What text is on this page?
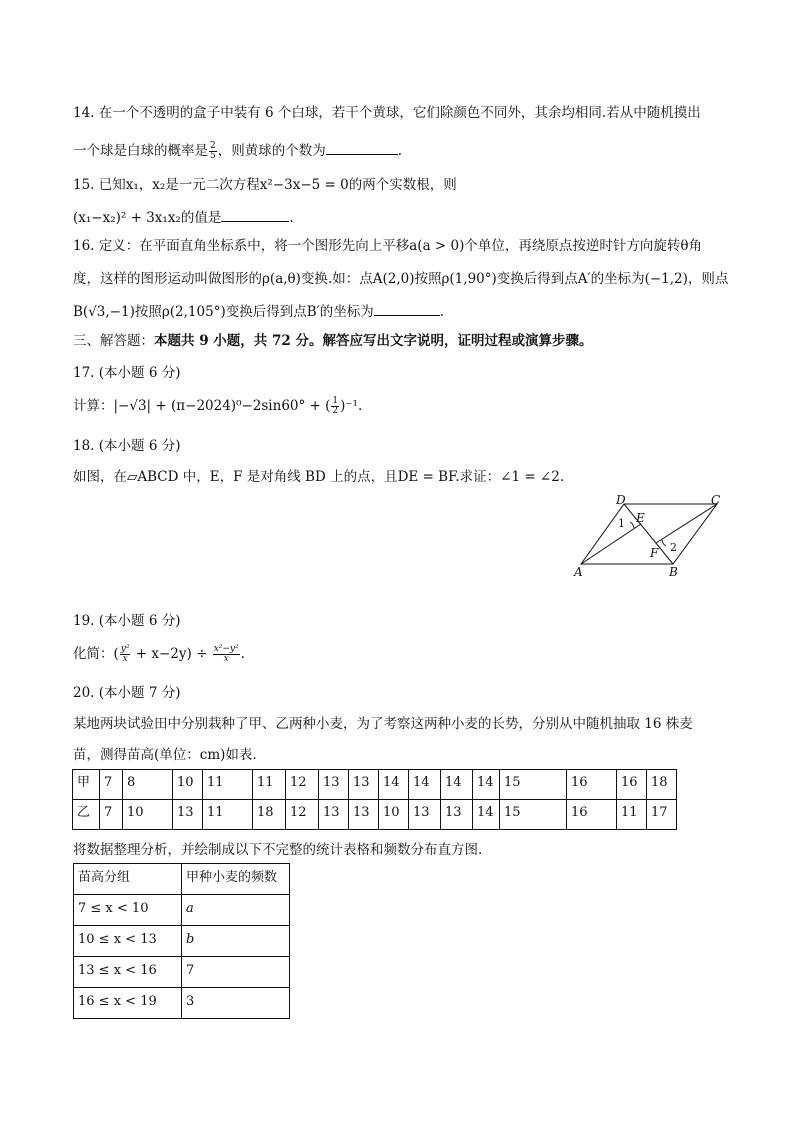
14. 在一个不透明的盒子中装有 6 个白球，若干个黄球，它们除颜色不同外，其余均相同.若从中随机摸出
一个球是白球的概率是 $\frac{2}{5}$ ，则黄球的个数为	.
15. 已知x₁，x₂是一元二次方程x²−3x−5 = 0的两个实数根，则
(x₁−x₂)² + 3x₁x₂的值是	.
16. 定义：在平面直角坐标系中，将一个图形先向上平移a(a > 0)个单位，再绕原点按逆时针方向旋转θ角
度，这样的图形运动叫做图形的ρ(a,θ)变换.如：点A(2,0)按照ρ(1,90°)变换后得到点A′的坐标为(−1,2)，则点
B(√3,−1)按照ρ(2,105°)变换后得到点B′的坐标为	.
三、解答题：本题共 9 小题，共 72 分。解答应写出文字说明，证明过程或演算步骤。
17. (本小题 6 分)
计算：|−√3| + (π−2024)⁰−2sin60° + ( $\frac{1}{2} )^{-1}$.
18. (本小题 6 分)
如图，在▱ABCD 中，E，F 是对角线 BD 上的点，且DE = BF.求证：∠1 = ∠2.
D	C
E
F
A	B
1
2
19. (本小题 6 分)
化简：( $\frac{\text{y²}}{x} + x-2y) \div \frac{\text{x²−y²}}{x}$ .
20. (本小题 7 分)
某地两块试验田中分别栽种了甲、乙两种小麦，为了考察这两种小麦的长势，分别从中随机抽取 16 株麦
苗，测得苗高(单位：cm)如表.
甲	7	8	10	11	11	12	13	13	14	14	14	14	15	16	16	18
乙	7	10	13	11	18	12	13	13	10	13	13	14	15	16	11	17
将数据整理分析，并绘制成以下不完整的统计表格和频数分布直方图.
苗高分组	甲种小麦的频数
7 ≤ x < 10	a
10 ≤ x < 13	b
13 ≤ x < 16	7
16 ≤ x < 19	3
